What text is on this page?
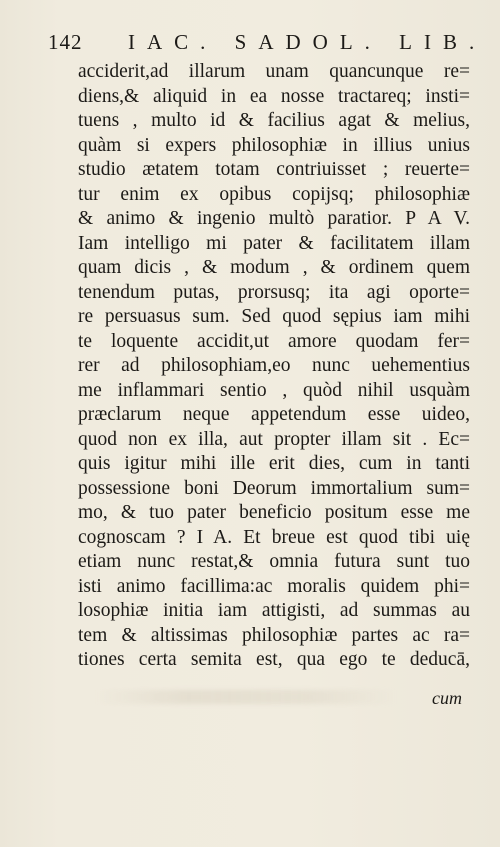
142 IAC. SADOL. LIB.
acciderit,ad illarum unam quancunque re=
diens,& aliquid in ea nosse tractareq; insti=
tuens , multo id & facilius agat & melius,
quàm si expers philosophiæ in illius unius
studio ætatem totam contriuisset ; reuerte=
tur enim ex opibus copijsq; philosophiæ
& animo & ingenio multò paratior. P A V.
Iam intelligo mi pater & facilitatem illam
quam dicis , & modum , & ordinem quem
tenendum putas, prorsusq; ita agi oporte=
re persuasus sum. Sed quod sępius iam mihi
te loquente accidit,ut amore quodam fer=
rer ad philosophiam,eo nunc uehementius
me inflammari sentio , quòd nihil usquàm
præclarum neque appetendum esse uideo,
quod non ex illa, aut propter illam sit . Ec=
quis igitur mihi ille erit dies, cum in tanti
possessione boni Deorum immortalium sum=
mo, & tuo pater beneficio positum esse me
cognoscam ? I A. Et breue est quod tibi uię
etiam nunc restat,& omnia futura sunt tuo
isti animo facillima:ac moralis quidem phi=
losophiæ initia iam attigisti, ad summas au
tem & altissimas philosophiæ partes ac ra=
tiones certa semita est, qua ego te deducā,
cum
